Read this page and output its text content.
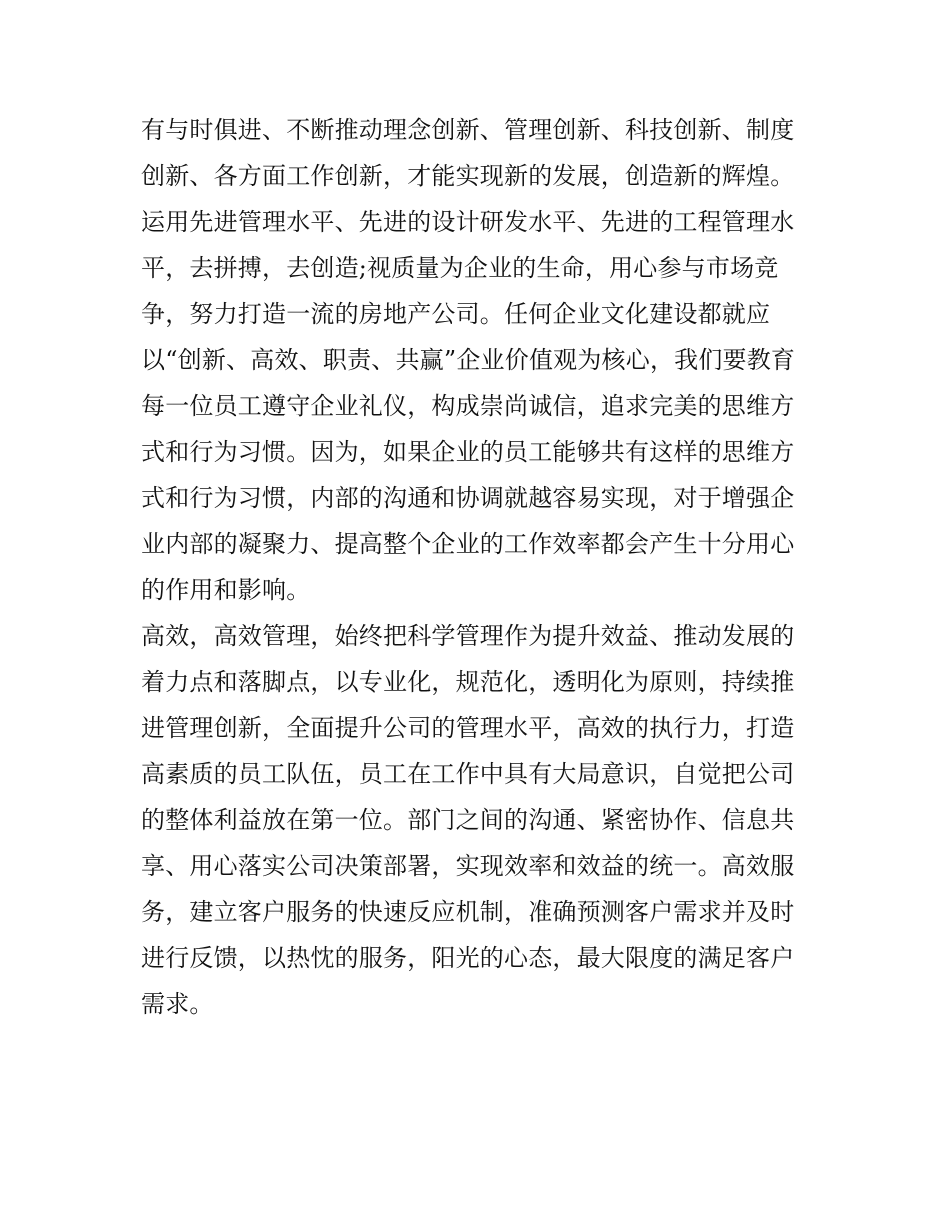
有与时俱进、不断推动理念创新、管理创新、科技创新、制度
创新、各方面工作创新，才能实现新的发展，创造新的辉煌。
运用先进管理水平、先进的设计研发水平、先进的工程管理水
平，去拼搏，去创造;视质量为企业的生命，用心参与市场竞
争，努力打造一流的房地产公司。任何企业文化建设都就应
以“创新、高效、职责、共赢”企业价值观为核心，我们要教育
每一位员工遵守企业礼仪，构成崇尚诚信，追求完美的思维方
式和行为习惯。因为，如果企业的员工能够共有这样的思维方
式和行为习惯，内部的沟通和协调就越容易实现，对于增强企
业内部的凝聚力、提高整个企业的工作效率都会产生十分用心
的作用和影响。
高效，高效管理，始终把科学管理作为提升效益、推动发展的
着力点和落脚点，以专业化，规范化，透明化为原则，持续推
进管理创新，全面提升公司的管理水平，高效的执行力，打造
高素质的员工队伍，员工在工作中具有大局意识，自觉把公司
的整体利益放在第一位。部门之间的沟通、紧密协作、信息共
享、用心落实公司决策部署，实现效率和效益的统一。高效服
务，建立客户服务的快速反应机制，准确预测客户需求并及时
进行反馈，以热忱的服务，阳光的心态，最大限度的满足客户
需求。
